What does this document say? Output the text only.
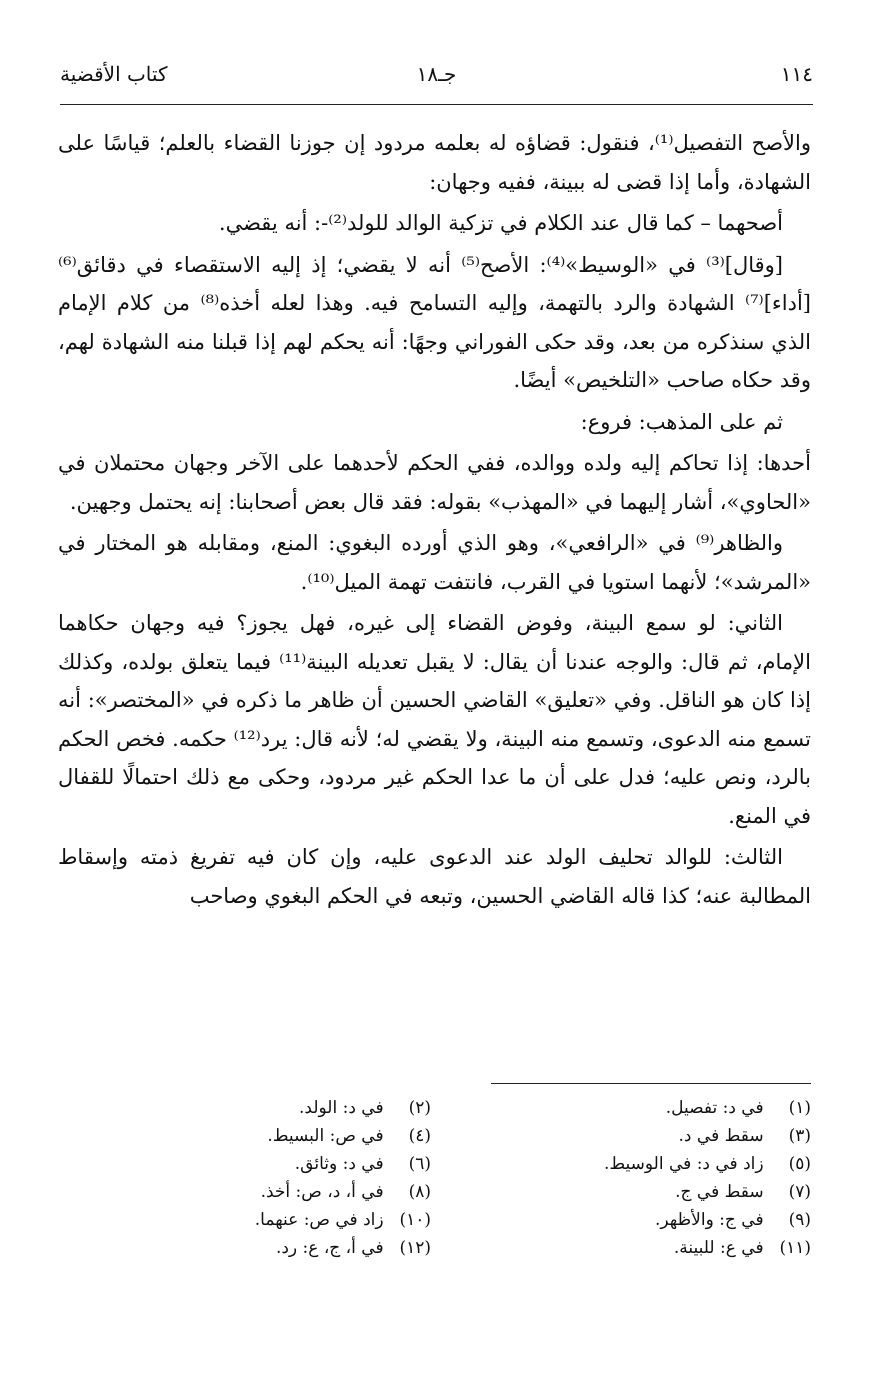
١١٤
جـ١٨
كتاب الأقضية

والأصح التفصيل⁽¹⁾، فنقول: قضاؤه له بعلمه مردود إن جوزنا القضاء بالعلم؛ قياسًا على الشهادة، وأما إذا قضى له ببينة، ففيه وجهان:

أصحهما – كما قال عند الكلام في تزكية الوالد للولد⁽²⁾-: أنه يقضي.

[وقال]⁽³⁾ في «الوسيط»⁽⁴⁾: الأصح⁽⁵⁾ أنه لا يقضي؛ إذ إليه الاستقصاء في دقائق⁽⁶⁾ [أداء]⁽⁷⁾ الشهادة والرد بالتهمة، وإليه التسامح فيه. وهذا لعله أخذه⁽⁸⁾ من كلام الإمام الذي سنذكره من بعد، وقد حكى الفوراني وجهًا: أنه يحكم لهم إذا قبلنا منه الشهادة لهم، وقد حكاه صاحب «التلخيص» أيضًا.

ثم على المذهب: فروع:

أحدها: إذا تحاكم إليه ولده ووالده، ففي الحكم لأحدهما على الآخر وجهان محتملان في «الحاوي»، أشار إليهما في «المهذب» بقوله: فقد قال بعض أصحابنا: إنه يحتمل وجهين.

والظاهر⁽⁹⁾ في «الرافعي»، وهو الذي أورده البغوي: المنع، ومقابله هو المختار في «المرشد»؛ لأنهما استويا في القرب، فانتفت تهمة الميل⁽¹⁰⁾.

الثاني: لو سمع البينة، وفوض القضاء إلى غيره، فهل يجوز؟ فيه وجهان حكاهما الإمام، ثم قال: والوجه عندنا أن يقال: لا يقبل تعديله البينة⁽¹¹⁾ فيما يتعلق بولده، وكذلك إذا كان هو الناقل. وفي «تعليق» القاضي الحسين أن ظاهر ما ذكره في «المختصر»: أنه تسمع منه الدعوى، وتسمع منه البينة، ولا يقضي له؛ لأنه قال: يرد⁽¹²⁾ حكمه. فخص الحكم بالرد، ونص عليه؛ فدل على أن ما عدا الحكم غير مردود، وحكى مع ذلك احتمالًا للقفال في المنع.

الثالث: للوالد تحليف الولد عند الدعوى عليه، وإن كان فيه تفريغ ذمته وإسقاط المطالبة عنه؛ كذا قاله القاضي الحسين، وتبعه في الحكم البغوي وصاحب

(١) في د: تفصيل.
(٢) في د: الولد.
(٣) سقط في د.
(٤) في ص: البسيط.
(٥) زاد في د: في الوسيط.
(٦) في د: وثائق.
(٧) سقط في ج.
(٨) في أ، د، ص: أخذ.
(٩) في ج: والأظهر.
(١٠) زاد في ص: عنهما.
(١١) في ع: للبينة.
(١٢) في أ، ج، ع: رد.
